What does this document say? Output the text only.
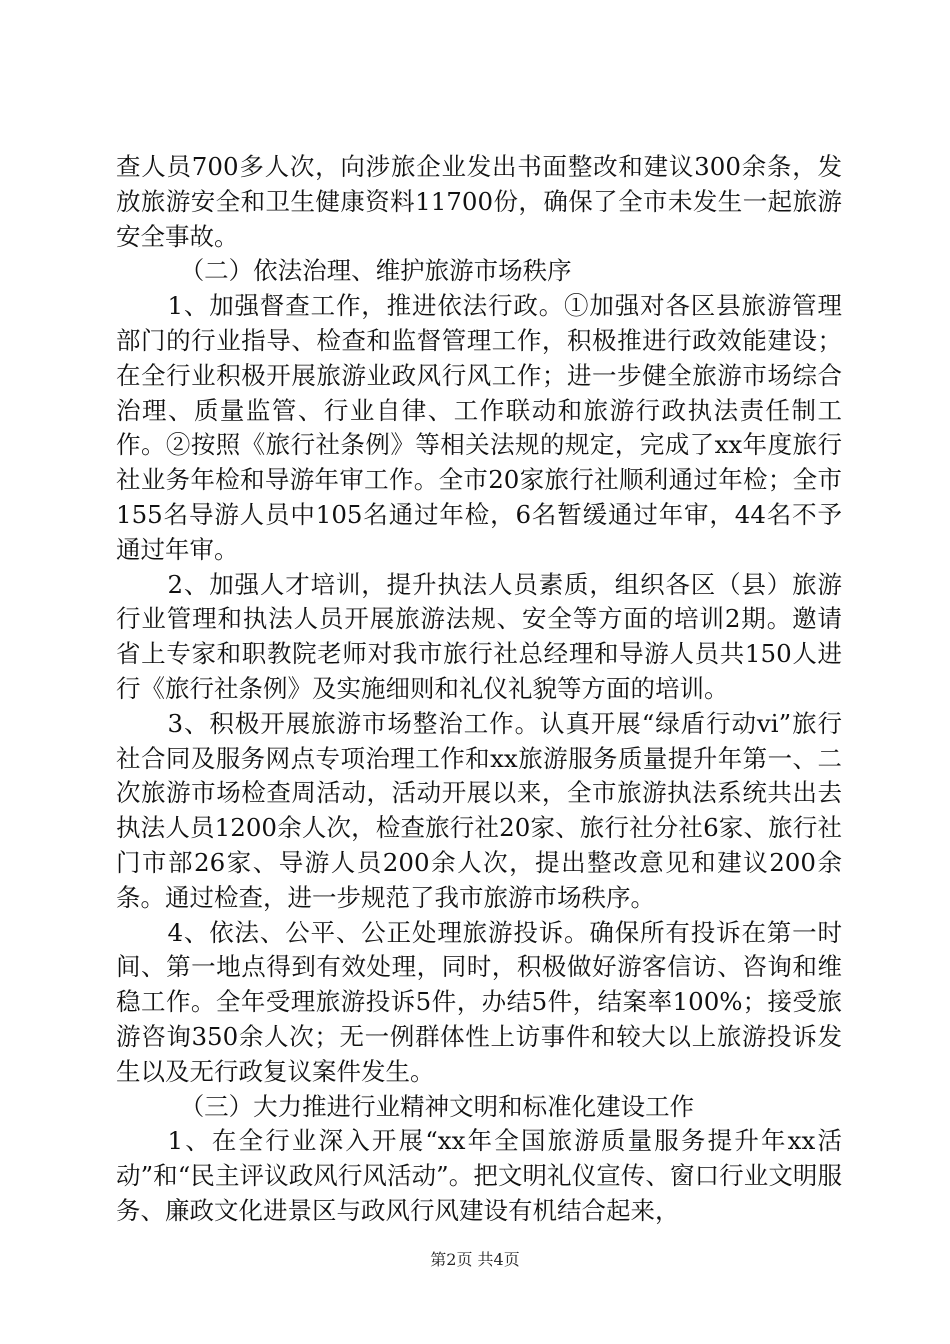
查人员700多人次，向涉旅企业发出书面整改和建议300余条，发放旅游安全和卫生健康资料11700份，确保了全市未发生一起旅游安全事故。

（二）依法治理、维护旅游市场秩序

1、加强督查工作，推进依法行政。①加强对各区县旅游管理部门的行业指导、检查和监督管理工作，积极推进行政效能建设；在全行业积极开展旅游业政风行风工作；进一步健全旅游市场综合治理、质量监管、行业自律、工作联动和旅游行政执法责任制工作。②按照《旅行社条例》等相关法规的规定，完成了xx年度旅行社业务年检和导游年审工作。全市20家旅行社顺利通过年检；全市155名导游人员中105名通过年检，6名暂缓通过年审，44名不予通过年审。

2、加强人才培训，提升执法人员素质，组织各区（县）旅游行业管理和执法人员开展旅游法规、安全等方面的培训2期。邀请省上专家和职教院老师对我市旅行社总经理和导游人员共150人进行《旅行社条例》及实施细则和礼仪礼貌等方面的培训。

3、积极开展旅游市场整治工作。认真开展“绿盾行动vi”旅行社合同及服务网点专项治理工作和xx旅游服务质量提升年第一、二次旅游市场检查周活动，活动开展以来，全市旅游执法系统共出去执法人员1200余人次，检查旅行社20家、旅行社分社6家、旅行社门市部26家、导游人员200余人次，提出整改意见和建议200余条。通过检查，进一步规范了我市旅游市场秩序。

4、依法、公平、公正处理旅游投诉。确保所有投诉在第一时间、第一地点得到有效处理，同时，积极做好游客信访、咨询和维稳工作。全年受理旅游投诉5件，办结5件，结案率100%；接受旅游咨询350余人次；无一例群体性上访事件和较大以上旅游投诉发生以及无行政复议案件发生。

（三）大力推进行业精神文明和标准化建设工作

1、在全行业深入开展“xx年全国旅游质量服务提升年xx活动”和“民主评议政风行风活动”。把文明礼仪宣传、窗口行业文明服务、廉政文化进景区与政风行风建设有机结合起来，

第2页 共4页
